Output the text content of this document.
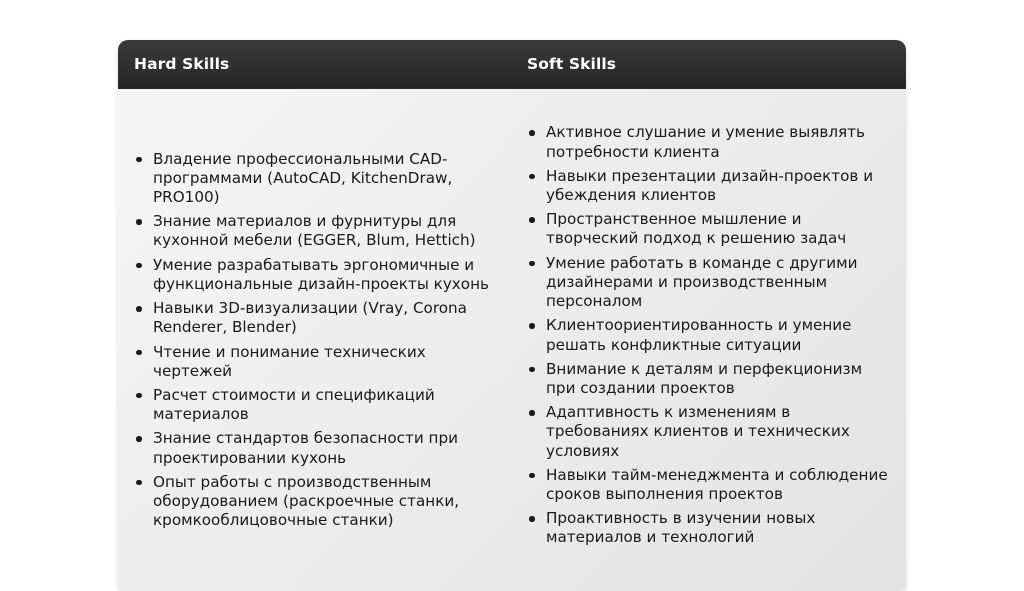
Hard Skills	Soft Skills
Владение профессиональными CAD-программами (AutoCAD, KitchenDraw, PRO100)
Знание материалов и фурнитуры для кухонной мебели (EGGER, Blum, Hettich)
Умение разрабатывать эргономичные и функциональные дизайн-проекты кухонь
Навыки 3D-визуализации (Vray, Corona Renderer, Blender)
Чтение и понимание технических чертежей
Расчет стоимости и спецификаций материалов
Знание стандартов безопасности при проектировании кухонь
Опыт работы с производственным оборудованием (раскроечные станки, кромкооблицовочные станки)
Активное слушание и умение выявлять потребности клиента
Навыки презентации дизайн-проектов и убеждения клиентов
Пространственное мышление и творческий подход к решению задач
Умение работать в команде с другими дизайнерами и производственным персоналом
Клиентоориентированность и умение решать конфликтные ситуации
Внимание к деталям и перфекционизм при создании проектов
Адаптивность к изменениям в требованиях клиентов и технических условиях
Навыки тайм-менеджмента и соблюдение сроков выполнения проектов
Проактивность в изучении новых материалов и технологий
